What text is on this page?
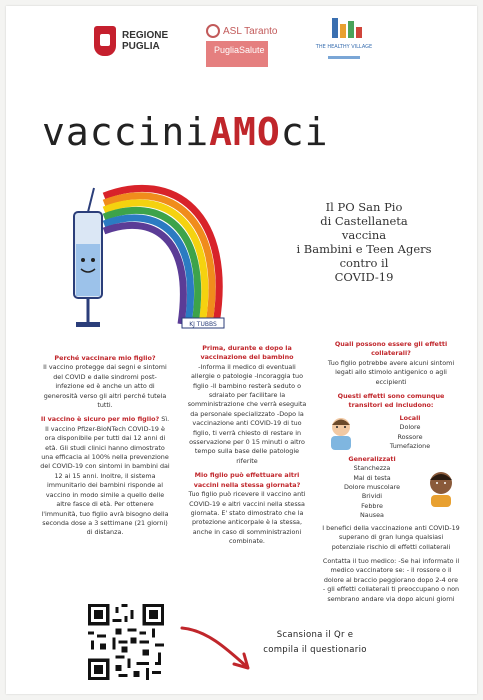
REGIONE
PUGLIA
ASL Taranto
PugliaSalute	THE HEALTHY VILLAGE
vacciniAMOci
KJ TUBBS
Il PO San Pio
di Castellaneta
vaccina
i Bambini e Teen Agers
contro il
COVID-19
Perché vaccinare mio figlio?

Il vaccino protegge dai segni e sintomi del COVID e dalle sindromi post-infezione ed è anche un atto di generosità verso gli altri perché tutela tutti.

Il vaccino è sicuro per mio figlio? Sì.

Il vaccino Pfizer-BioNTech COVID-19 è ora disponibile per tutti dai 12 anni di età. Gli studi clinici hanno dimostrato una efficacia al 100% nella prevenzione del COVID-19 con sintomi in bambini dai 12 ai 15 anni. Inoltre, il sistema immunitario dei bambini risponde al vaccino in modo simile a quello delle altre fasce di età. Per ottenere l'immunità, tuo figlio avrà bisogno della seconda dose a 3 settimane (21 giorni) di distanza.

Prima, durante e dopo la vaccinazione del bambino

-Informa il medico di eventuali allergie o patologie -Incoraggia tuo figlio -Il bambino resterà seduto o sdraiato per facilitare la somministrazione che verrà eseguita da personale specializzato -Dopo la vaccinazione anti COVID-19 di tuo figlio, ti verrà chiesto di restare in osservazione per 0 15 minuti o altro tempo sulla base delle patologie riferite

Mio figlio può effettuare altri vaccini nella stessa giornata?

Tuo figlio può ricevere il vaccino anti COVID-19 e altri vaccini nella stessa giornata. E' stato dimostrato che la protezione anticorpale è la stessa, anche in caso di somministrazioni combinate.

Quali possono essere gli effetti collaterali?

Tuo figlio potrebbe avere alcuni sintomi legati allo stimolo antigenico o agli eccipienti

Questi effetti sono comunque transitori ed includono:
Locali
Dolore
Rossore
Tumefazione
Generalizzati
Stanchezza
Mal di testa
Dolore muscolare
Brividi
Febbre
Nausea

I benefici della vaccinazione anti COVID-19 superano di gran lunga qualsiasi potenziale rischio di effetti collaterali

Contatta il tuo medico: -Se hai informato il medico vaccinatore se: - il rossore o il dolore al braccio peggiorano dopo 2-4 ore - gli effetti collaterali ti preoccupano o non sembrano andare via dopo alcuni giorni

Scansiona il Qr e compila il questionario
